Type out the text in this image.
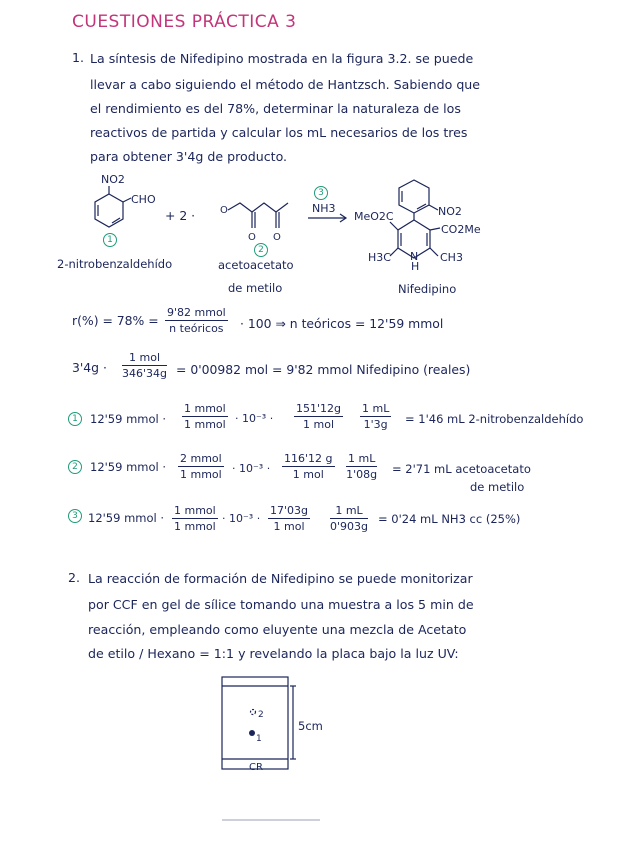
CUESTIONES PRÁCTICA 3
1. La síntesis de Nifedipino mostrada en la figura 3.2. se puede
llevar a cabo siguiendo el método de Hantzsch. Sabiendo que
el rendimiento es del 78%, determinar la naturaleza de los
reactivos de partida y calcular los mL necesarios de los tres
para obtener 3'4g de producto.
O
O O
NO2
CHO
1
+ 2 ·
3
NH3
2
MeO2C	NO2
CO2Me
H3C N
H
CH3
2-nitrobenzaldehído	acetoacetato
de metilo	Nifedipino
r(%) = 78% =
9'82 mmol
n teóricos	· 100 ⇒ n teóricos = 12'59 mmol
3'4g ·
1 mol
346'34g = 0'00982 mol = 9'82 mmol Nifedipino (reales)
1	12'59 mmol ·
1 mmol
1 mmol · 10⁻³ ·
151'12g
1 mol	$\frac{1 mL}{1'3g} = 1'46$ mL 2-nitrobenzaldehído
2	12'59 mmol ·
2 mmol
1 mmol · 10⁻³ ·
116'12 g
1 mol	$\frac{1 mL}{1'08g} = 2'71$ mL acetoacetato
de metilo
3 12'59 mmol ·
1 mmol
1 mmol
· 10⁻³ ·
17'03g
1 mol	$\frac{1 mL}{0'903g} = 0'24$ mL NH3 cc (25%)
2. La reacción de formación de Nifedipino se puede monitorizar
por CCF en gel de sílice tomando una muestra a los 5 min de
reacción, empleando como eluyente una mezcla de Acetato
de etilo / Hexano = 1:1 y revelando la placa bajo la luz UV:
2
1
5cm
CR
